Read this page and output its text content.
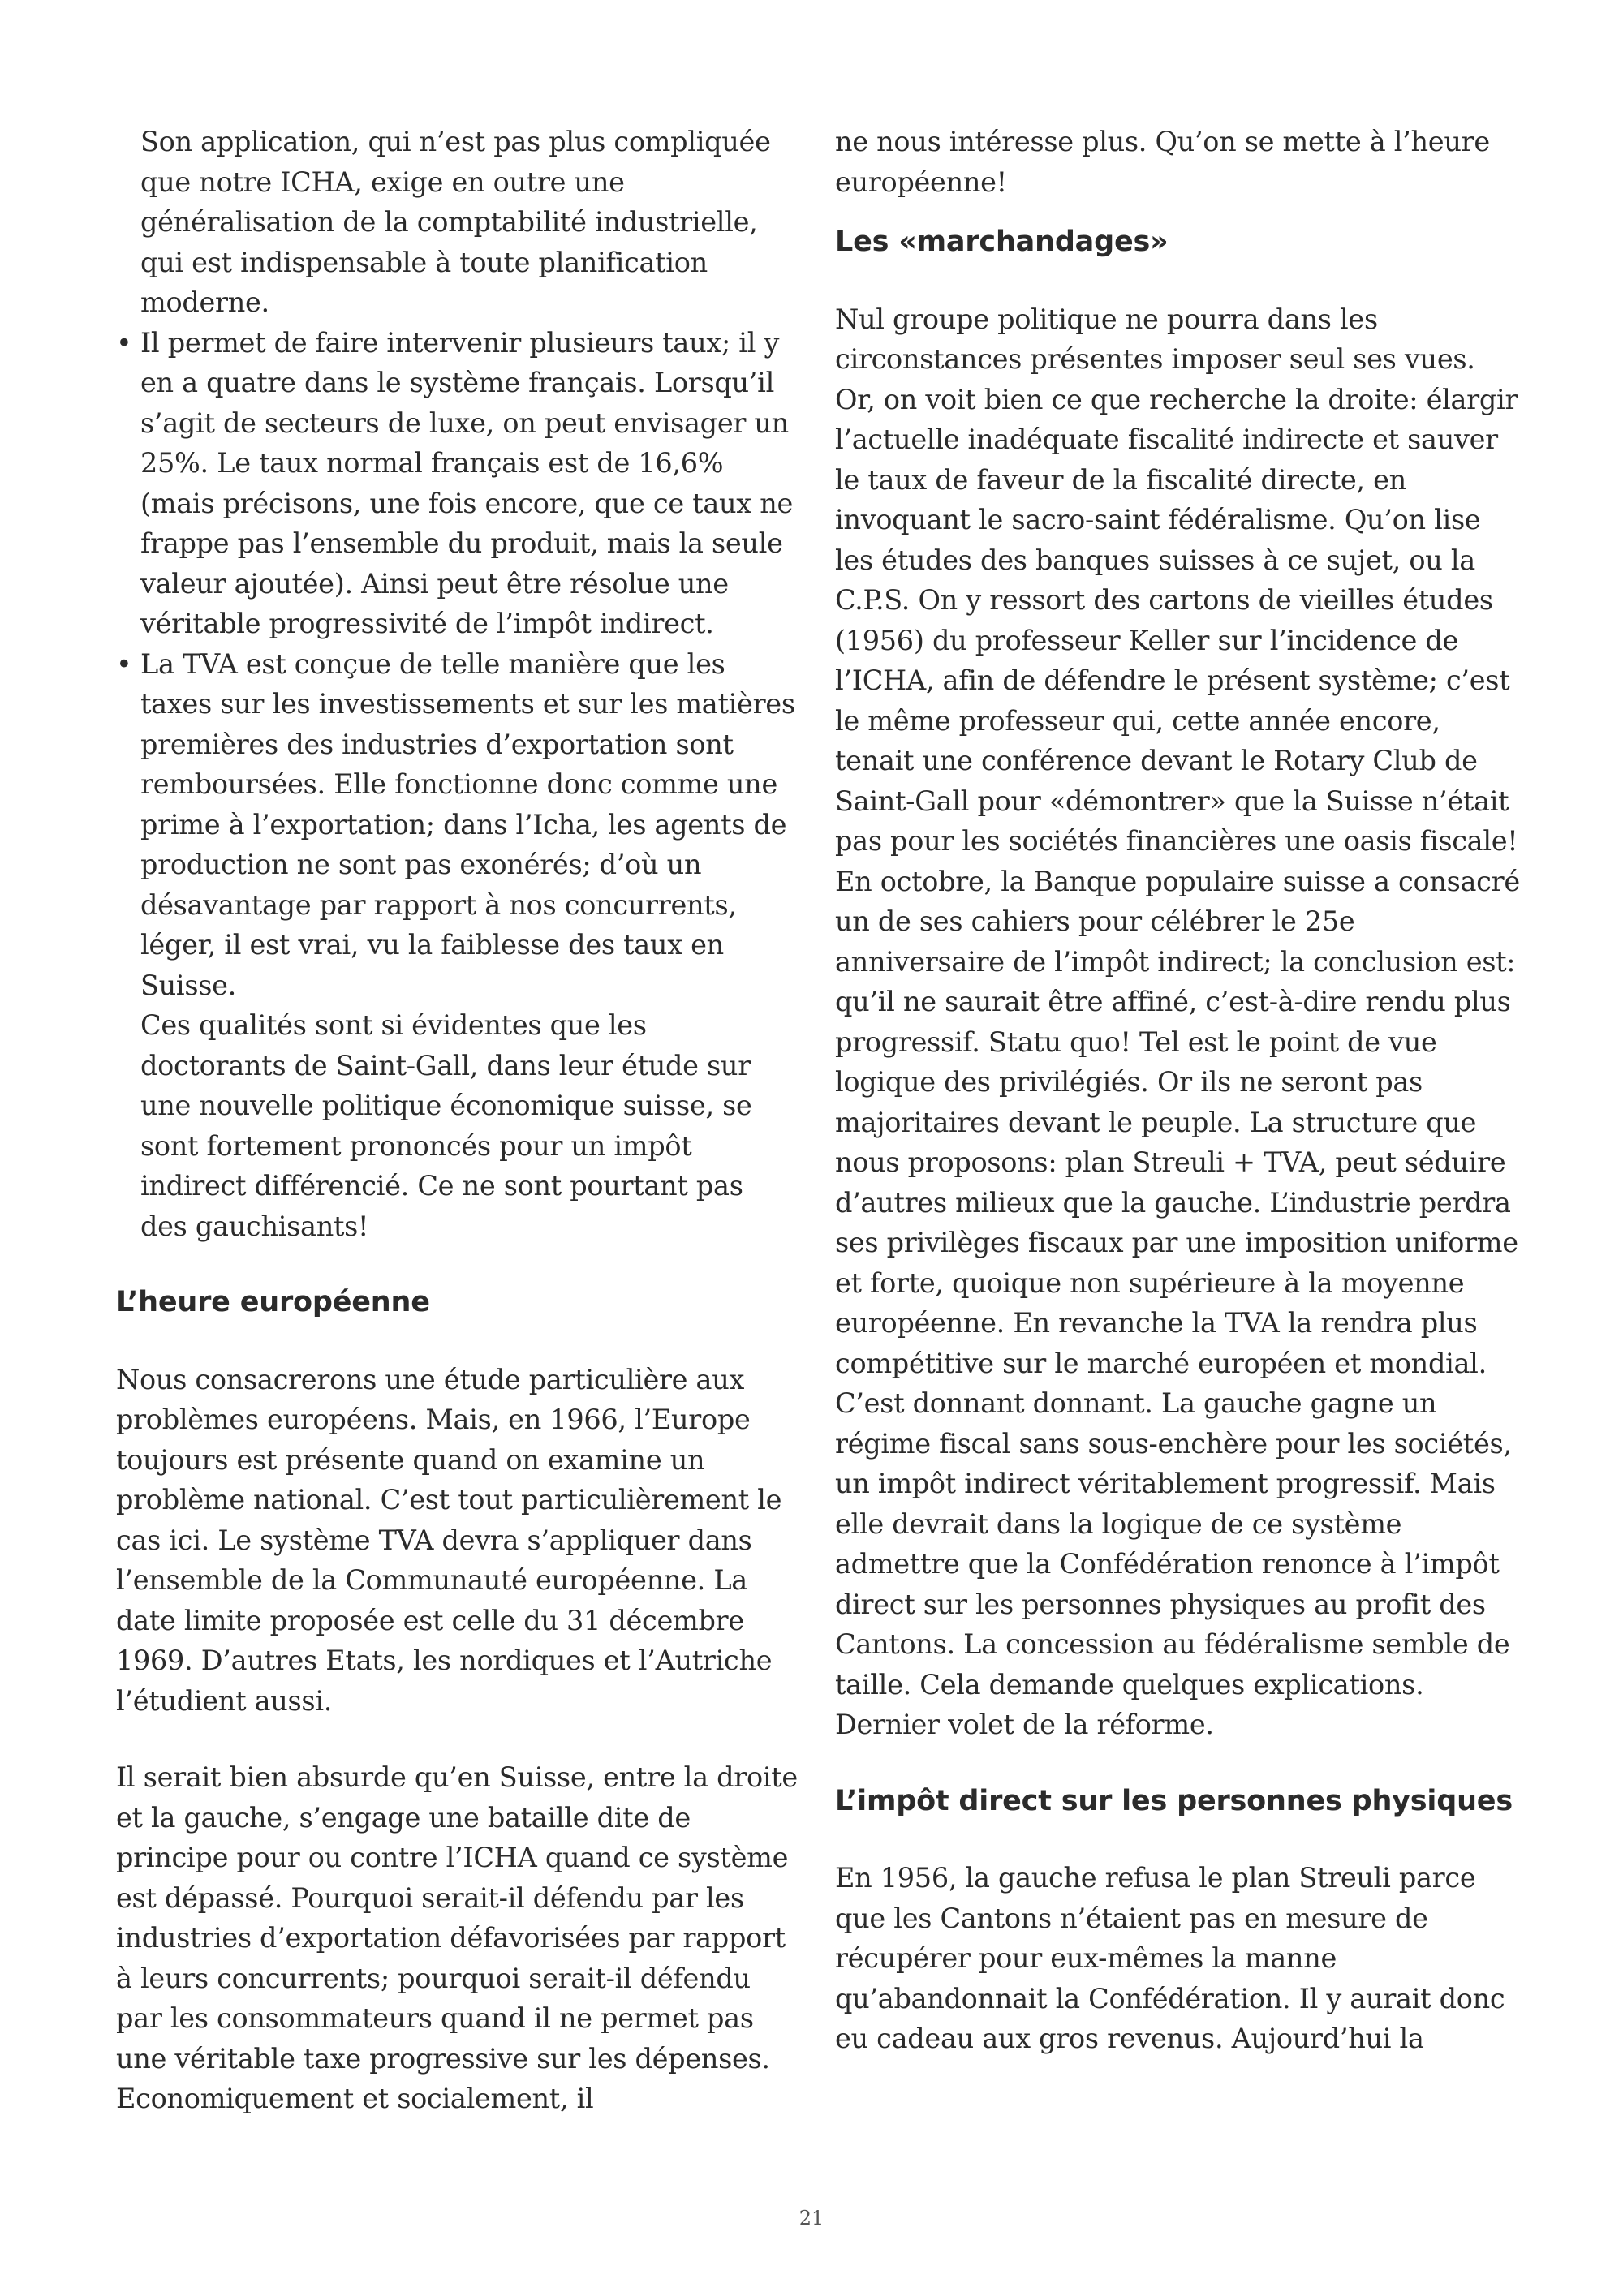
Son application, qui n’est pas plus compliquée que notre ICHA, exige en outre une généralisation de la comptabilité industrielle, qui est indispensable à toute planification moderne.

• Il permet de faire intervenir plusieurs taux; il y en a quatre dans le système français. Lorsqu’il s’agit de secteurs de luxe, on peut envisager un 25%. Le taux normal français est de 16,6% (mais précisons, une fois encore, que ce taux ne frappe pas l’ensemble du produit, mais la seule valeur ajoutée). Ainsi peut être résolue une véritable progressivité de l’impôt indirect.
• La TVA est conçue de telle manière que les taxes sur les investissements et sur les matières premières des industries d’exportation sont remboursées. Elle fonctionne donc comme une prime à l’exportation; dans l’Icha, les agents de production ne sont pas exonérés; d’où un désavantage par rapport à nos concurrents, léger, il est vrai, vu la faiblesse des taux en Suisse.

Ces qualités sont si évidentes que les doctorants de Saint-Gall, dans leur étude sur une nouvelle politique économique suisse, se sont fortement prononcés pour un impôt indirect différencié. Ce ne sont pourtant pas des gauchisants!

L’heure européenne

Nous consacrerons une étude particulière aux problèmes européens. Mais, en 1966, l’Europe toujours est présente quand on examine un problème national. C’est tout particulièrement le cas ici. Le système TVA devra s’appliquer dans l’ensemble de la Communauté européenne. La date limite proposée est celle du 31 décembre 1969. D’autres Etats, les nordiques et l’Autriche l’étudient aussi.

Il serait bien absurde qu’en Suisse, entre la droite et la gauche, s’engage une bataille dite de principe pour ou contre l’ICHA quand ce système est dépassé. Pourquoi serait-il défendu par les industries d’exportation défavorisées par rapport à leurs concurrents; pourquoi serait-il défendu par les consommateurs quand il ne permet pas une véritable taxe progressive sur les dépenses. Economiquement et socialement, il

ne nous intéresse plus. Qu’on se mette à l’heure européenne!

Les «marchandages»

Nul groupe politique ne pourra dans les circonstances présentes imposer seul ses vues. Or, on voit bien ce que recherche la droite: élargir l’actuelle inadéquate fiscalité indirecte et sauver le taux de faveur de la fiscalité directe, en invoquant le sacro-saint fédéralisme. Qu’on lise les études des banques suisses à ce sujet, ou la C.P.S. On y ressort des cartons de vieilles études (1956) du professeur Keller sur l’incidence de l’ICHA, afin de défendre le présent système; c’est le même professeur qui, cette année encore, tenait une conférence devant le Rotary Club de Saint-Gall pour «démontrer» que la Suisse n’était pas pour les sociétés financières une oasis fiscale! En octobre, la Banque populaire suisse a consacré un de ses cahiers pour célébrer le 25e anniversaire de l’impôt indirect; la conclusion est: qu’il ne saurait être affiné, c’est-à-dire rendu plus progressif. Statu quo! Tel est le point de vue logique des privilégiés. Or ils ne seront pas majoritaires devant le peuple. La structure que nous proposons: plan Streuli + TVA, peut séduire d’autres milieux que la gauche. L’industrie perdra ses privilèges fiscaux par une imposition uniforme et forte, quoique non supérieure à la moyenne européenne. En revanche la TVA la rendra plus compétitive sur le marché européen et mondial. C’est donnant donnant. La gauche gagne un régime fiscal sans sous-enchère pour les sociétés, un impôt indirect véritablement progressif. Mais elle devrait dans la logique de ce système admettre que la Confédération renonce à l’impôt direct sur les personnes physiques au profit des Cantons. La concession au fédéralisme semble de taille. Cela demande quelques explications. Dernier volet de la réforme.

L’impôt direct sur les personnes physiques

En 1956, la gauche refusa le plan Streuli parce que les Cantons n’étaient pas en mesure de récupérer pour eux-mêmes la manne qu’abandonnait la Confédération. Il y aurait donc eu cadeau aux gros revenus. Aujourd’hui la

21
